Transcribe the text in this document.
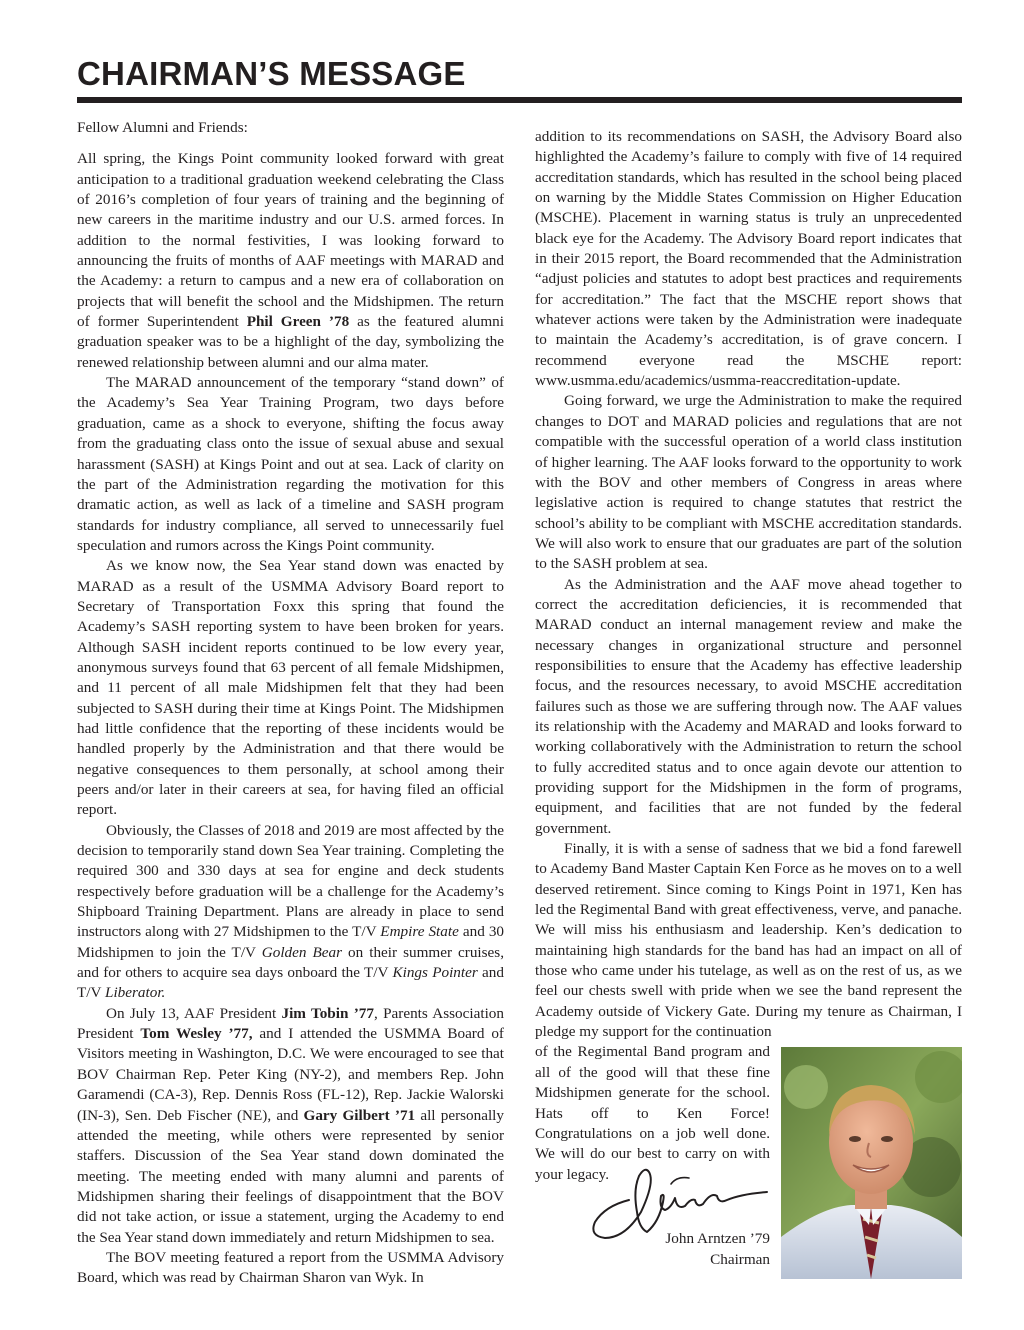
CHAIRMAN’S MESSAGE

Fellow Alumni and Friends:

All spring, the Kings Point community looked forward with great anticipation to a traditional graduation weekend celebrating the Class of 2016’s completion of four years of training and the beginning of new careers in the maritime industry and our U.S. armed forces. In addition to the normal festivities, I was looking forward to announcing the fruits of months of AAF meetings with MARAD and the Academy: a return to campus and a new era of collaboration on projects that will benefit the school and the Midshipmen. The return of former Superintendent Phil Green ’78 as the featured alumni graduation speaker was to be a highlight of the day, symbolizing the renewed relationship between alumni and our alma mater.

The MARAD announcement of the temporary “stand down” of the Academy’s Sea Year Training Program, two days before graduation, came as a shock to everyone, shifting the focus away from the graduating class onto the issue of sexual abuse and sexual harassment (SASH) at Kings Point and out at sea. Lack of clarity on the part of the Administration regarding the motivation for this dramatic action, as well as lack of a timeline and SASH program standards for industry compliance, all served to unnecessarily fuel speculation and rumors across the Kings Point community.

As we know now, the Sea Year stand down was enacted by MARAD as a result of the USMMA Advisory Board report to Secretary of Transportation Foxx this spring that found the Academy’s SASH reporting system to have been broken for years. Although SASH incident reports continued to be low every year, anonymous surveys found that 63 percent of all female Midshipmen, and 11 percent of all male Midshipmen felt that they had been subjected to SASH during their time at Kings Point. The Midshipmen had little confidence that the reporting of these incidents would be handled properly by the Administration and that there would be negative consequences to them personally, at school among their peers and/or later in their careers at sea, for having filed an official report.

Obviously, the Classes of 2018 and 2019 are most affected by the decision to temporarily stand down Sea Year training. Completing the required 300 and 330 days at sea for engine and deck students respectively before graduation will be a challenge for the Academy’s Shipboard Training Department. Plans are already in place to send instructors along with 27 Midshipmen to the T/V Empire State and 30 Midshipmen to join the T/V Golden Bear on their summer cruises, and for others to acquire sea days onboard the T/V Kings Pointer and T/V Liberator.

On July 13, AAF President Jim Tobin ’77, Parents Association President Tom Wesley ’77, and I attended the USMMA Board of Visitors meeting in Washington, D.C. We were encouraged to see that BOV Chairman Rep. Peter King (NY-2), and members Rep. John Garamendi (CA-3), Rep. Dennis Ross (FL-12), Rep. Jackie Walorski (IN-3), Sen. Deb Fischer (NE), and Gary Gilbert ’71 all personally attended the meeting, while others were represented by senior staffers. Discussion of the Sea Year stand down dominated the meeting. The meeting ended with many alumni and parents of Midshipmen sharing their feelings of disappointment that the BOV did not take action, or issue a statement, urging the Academy to end the Sea Year stand down immediately and return Midshipmen to sea.

The BOV meeting featured a report from the USMMA Advisory Board, which was read by Chairman Sharon van Wyk. In

addition to its recommendations on SASH, the Advisory Board also highlighted the Academy’s failure to comply with five of 14 required accreditation standards, which has resulted in the school being placed on warning by the Middle States Commission on Higher Education (MSCHE). Placement in warning status is truly an unprecedented black eye for the Academy. The Advisory Board report indicates that in their 2015 report, the Board recommended that the Administration “adjust policies and statutes to adopt best practices and requirements for accreditation.” The fact that the MSCHE report shows that whatever actions were taken by the Administration were inadequate to maintain the Academy’s accreditation, is of grave concern. I recommend everyone read the MSCHE report: www.usmma.edu/academics/usmma-reaccreditation-update.

Going forward, we urge the Administration to make the required changes to DOT and MARAD policies and regulations that are not compatible with the successful operation of a world class institution of higher learning. The AAF looks forward to the opportunity to work with the BOV and other members of Congress in areas where legislative action is required to change statutes that restrict the school’s ability to be compliant with MSCHE accreditation standards. We will also work to ensure that our graduates are part of the solution to the SASH problem at sea.

As the Administration and the AAF move ahead together to correct the accreditation deficiencies, it is recommended that MARAD conduct an internal management review and make the necessary changes in organizational structure and personnel responsibilities to ensure that the Academy has effective leadership focus, and the resources necessary, to avoid MSCHE accreditation failures such as those we are suffering through now. The AAF values its relationship with the Academy and MARAD and looks forward to working collaboratively with the Administration to return the school to fully accredited status and to once again devote our attention to providing support for the Midshipmen in the form of programs, equipment, and facilities that are not funded by the federal government.

Finally, it is with a sense of sadness that we bid a fond farewell to Academy Band Master Captain Ken Force as he moves on to a well deserved retirement. Since coming to Kings Point in 1971, Ken has led the Regimental Band with great effectiveness, verve, and panache. We will miss his enthusiasm and leadership. Ken’s dedication to maintaining high standards for the band has had an impact on all of those who came under his tutelage, as well as on the rest of us, as we feel our chests swell with pride when we see the band represent the Academy outside of Vickery Gate. During my tenure as Chairman, I pledge my support for the continuation

of the Regimental Band program and all of the good will that these fine Midshipmen generate for the school. Hats off to Ken Force! Congratulations on a job well done. We will do our best to carry on with your legacy.

John Arntzen ’79
Chairman
